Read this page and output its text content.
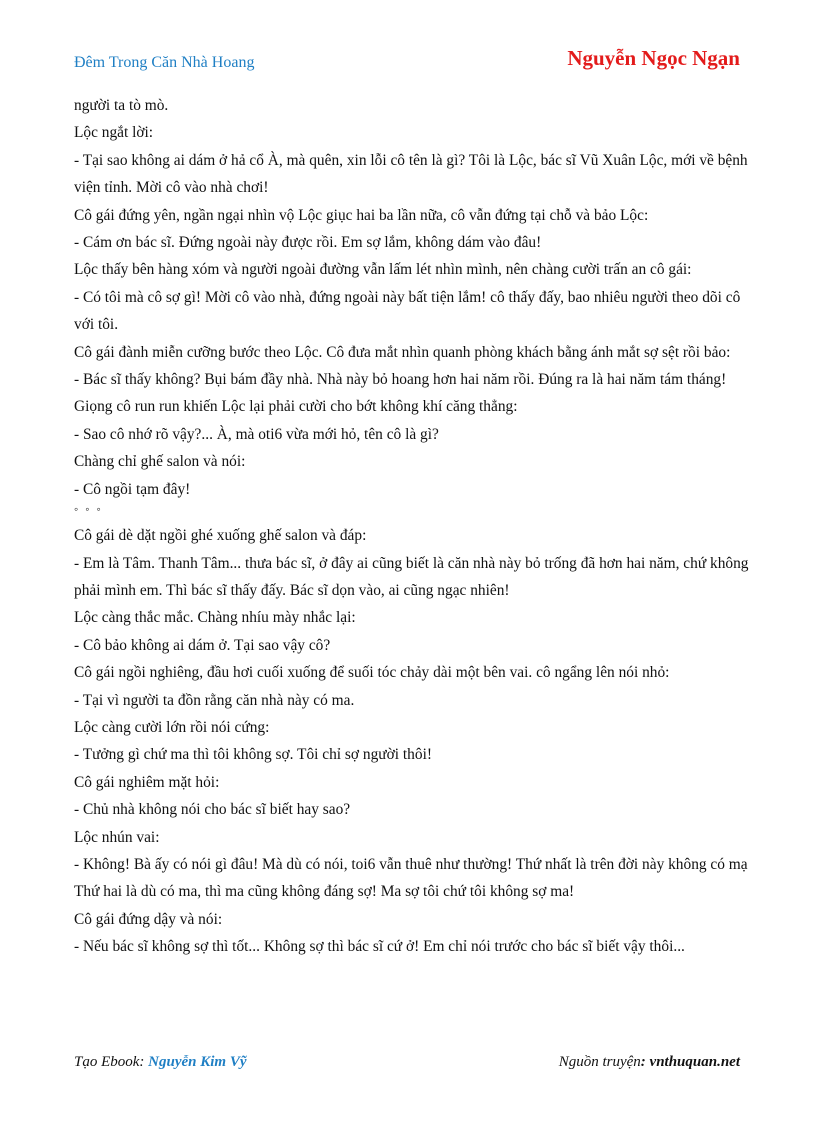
Đêm Trong Căn Nhà Hoang	Nguyễn Ngọc Ngạn

người ta tò mò.

Lộc ngắt lời:

- Tại sao không ai dám ở hả cổ À, mà quên, xin lỗi cô tên là gì? Tôi là Lộc, bác sĩ Vũ Xuân Lộc, mới về bệnh viện tỉnh. Mời cô vào nhà chơi!

Cô gái đứng yên, ngần ngại nhìn vộ Lộc giục hai ba lần nữa, cô vẫn đứng tại chỗ và bảo Lộc:

- Cám ơn bác sĩ. Đứng ngoài này được rồi. Em sợ lắm, không dám vào đâu!

Lộc thấy bên hàng xóm và người ngoài đường vẫn lấm lét nhìn mình, nên chàng cười trấn an cô gái:

- Có tôi mà cô sợ gì! Mời cô vào nhà, đứng ngoài này bất tiện lắm! cô thấy đấy, bao nhiêu người theo dõi cô với tôi.

Cô gái đành miễn cưỡng bước theo Lộc. Cô đưa mắt nhìn quanh phòng khách bằng ánh mắt sợ sệt rồi bảo:

- Bác sĩ thấy không? Bụi bám đầy nhà. Nhà này bỏ hoang hơn hai năm rồi. Đúng ra là hai năm tám tháng!

Giọng cô run run khiến Lộc lại phải cười cho bớt không khí căng thẳng:

- Sao cô nhớ rõ vậy?... À, mà oti6 vừa mới hỏ, tên cô là gì?

Chàng chỉ ghế salon và nói:

- Cô ngồi tạm đây!

◦ ◦ ◦

Cô gái dè dặt ngồi ghé xuống ghế salon và đáp:

- Em là Tâm. Thanh Tâm... thưa bác sĩ, ở đây ai cũng biết là căn nhà này bỏ trống đã hơn hai năm, chứ không phải mình em. Thì bác sĩ thấy đấy. Bác sĩ dọn vào, ai cũng ngạc nhiên!

Lộc càng thắc mắc. Chàng nhíu mày nhắc lại:

- Cô bảo không ai dám ở. Tại sao vậy cô?

Cô gái ngồi nghiêng, đầu hơi cuối xuống để suối tóc chảy dài một bên vai. cô ngẩng lên nói nhỏ:

- Tại vì người ta đồn rằng căn nhà này có ma.

Lộc càng cười lớn rồi nói cứng:

- Tưởng gì chứ ma thì tôi không sợ. Tôi chỉ sợ người thôi!

Cô gái nghiêm mặt hỏi:

- Chủ nhà không nói cho bác sĩ biết hay sao?

Lộc nhún vai:

- Không! Bà ấy có nói gì đâu! Mà dù có nói, toi6 vẫn thuê như thường! Thứ nhất là trên đời này không có mạ Thứ hai là dù có ma, thì ma cũng không đáng sợ! Ma sợ tôi chứ tôi không sợ ma!

Cô gái đứng dậy và nói:

- Nếu bác sĩ không sợ thì tốt... Không sợ thì bác sĩ cứ ở! Em chỉ nói trước cho bác sĩ biết vậy thôi...

Tạo Ebook: Nguyễn Kim Vỹ	Nguồn truyện: vnthuquan.net
